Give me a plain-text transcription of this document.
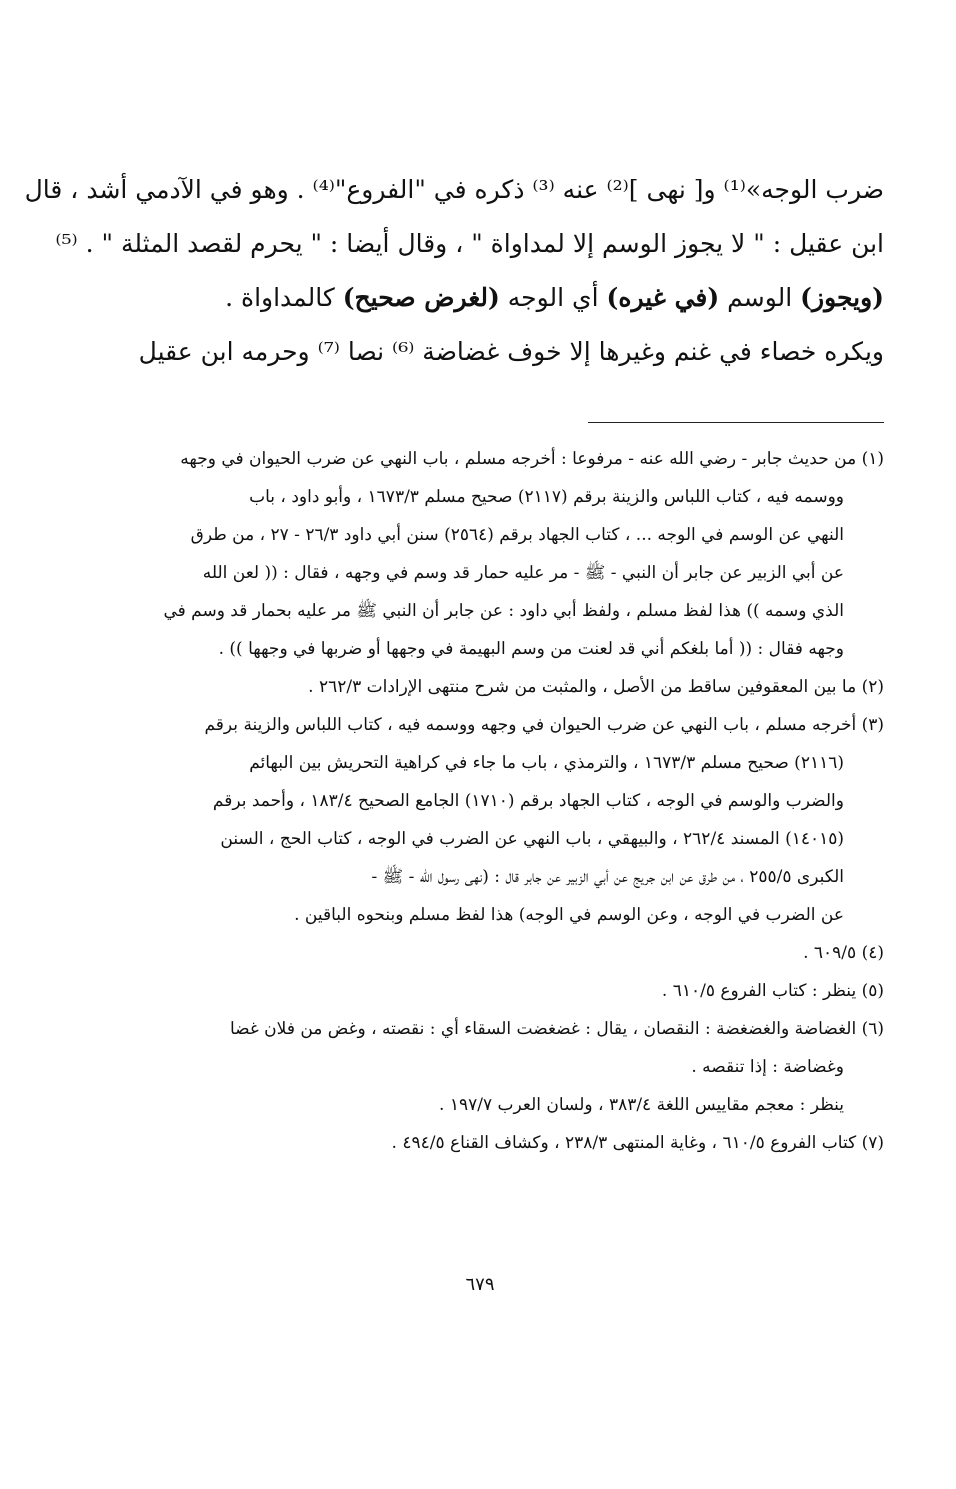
ضرب الوجه»⁽¹⁾ و[ نهى ]⁽²⁾ عنه ⁽³⁾ ذكره في "الفروع"⁽⁴⁾ . وهو في الآدمي أشد ، قال
ابن عقيل : " لا يجوز الوسم إلا لمداواة " ، وقال أيضا : " يحرم لقصد المثلة " . ⁽⁵⁾
(ويجوز) الوسم (في غيره) أي الوجه (لغرض صحيح) كالمداواة .
ويكره خصاء في غنم وغيرها إلا خوف غضاضة ⁽⁶⁾ نصا ⁽⁷⁾ وحرمه ابن عقيل
(١) من حديث جابر - رضي الله عنه - مرفوعا : أخرجه مسلم ، باب النهي عن ضرب الحيوان في وجهه
ووسمه فيه ، كتاب اللباس والزينة برقم (٢١١٧) صحيح مسلم ١٦٧٣/٣ ، وأبو داود ، باب
النهي عن الوسم في الوجه ... ، كتاب الجهاد برقم (٢٥٦٤) سنن أبي داود ٢٦/٣ - ٢٧ ، من طرق
عن أبي الزبير عن جابر أن النبي - ﷺ - مر عليه حمار قد وسم في وجهه ، فقال : (( لعن الله
الذي وسمه )) هذا لفظ مسلم ، ولفظ أبي داود : عن جابر أن النبي ﷺ مر عليه بحمار قد وسم في
وجهه فقال : (( أما بلغكم أني قد لعنت من وسم البهيمة في وجهها أو ضربها في وجهها )) .
(٢) ما بين المعقوفين ساقط من الأصل ، والمثبت من شرح منتهى الإرادات ٢٦٢/٣ .
(٣) أخرجه مسلم ، باب النهي عن ضرب الحيوان في وجهه ووسمه فيه ، كتاب اللباس والزينة برقم
(٢١١٦) صحيح مسلم ١٦٧٣/٣ ، والترمذي ، باب ما جاء في كراهية التحريش بين البهائم
والضرب والوسم في الوجه ، كتاب الجهاد برقم (١٧١٠) الجامع الصحيح ١٨٣/٤ ، وأحمد برقم
(١٤٠١٥) المسند ٢٦٢/٤ ، والبيهقي ، باب النهي عن الضرب في الوجه ، كتاب الحج ، السنن
الكبرى ٢٥٥/٥ ، من طرق عن ابن جريج عن أبي الزبير عن جابر قال : (نهى رسول الله - ﷺ -
عن الضرب في الوجه ، وعن الوسم في الوجه) هذا لفظ مسلم وبنحوه الباقين .
(٤) ٦٠٩/٥ .
(٥) ينظر : كتاب الفروع ٦١٠/٥ .
(٦) الغضاضة والغضغضة : النقصان ، يقال : غضغضت السقاء أي : نقصته ، وغض من فلان غضا
وغضاضة : إذا تنقصه .
ينظر : معجم مقاييس اللغة ٣٨٣/٤ ، ولسان العرب ١٩٧/٧ .
(٧) كتاب الفروع ٦١٠/٥ ، وغاية المنتهى ٢٣٨/٣ ، وكشاف القناع ٤٩٤/٥ .
٦٧٩
